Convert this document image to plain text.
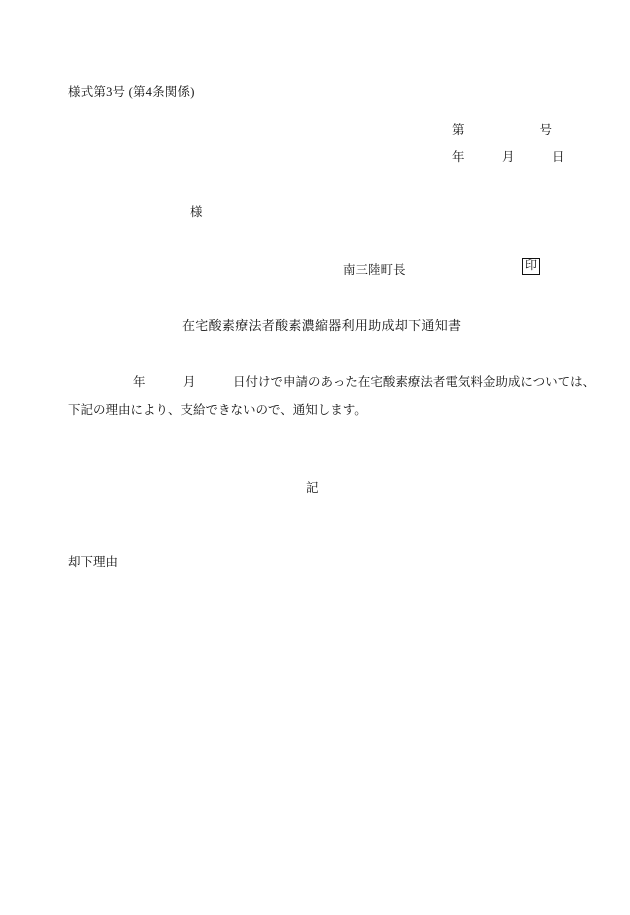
様式第3号 (第4条関係)
第　　　　　　号
年　　　月　　　日
様
南三陸町長	印
在宅酸素療法者酸素濃縮器利用助成却下通知書
年　　　月　　　日付けで申請のあった在宅酸素療法者電気料金助成については、
下記の理由により、支給できないので、通知します。
記
却下理由
